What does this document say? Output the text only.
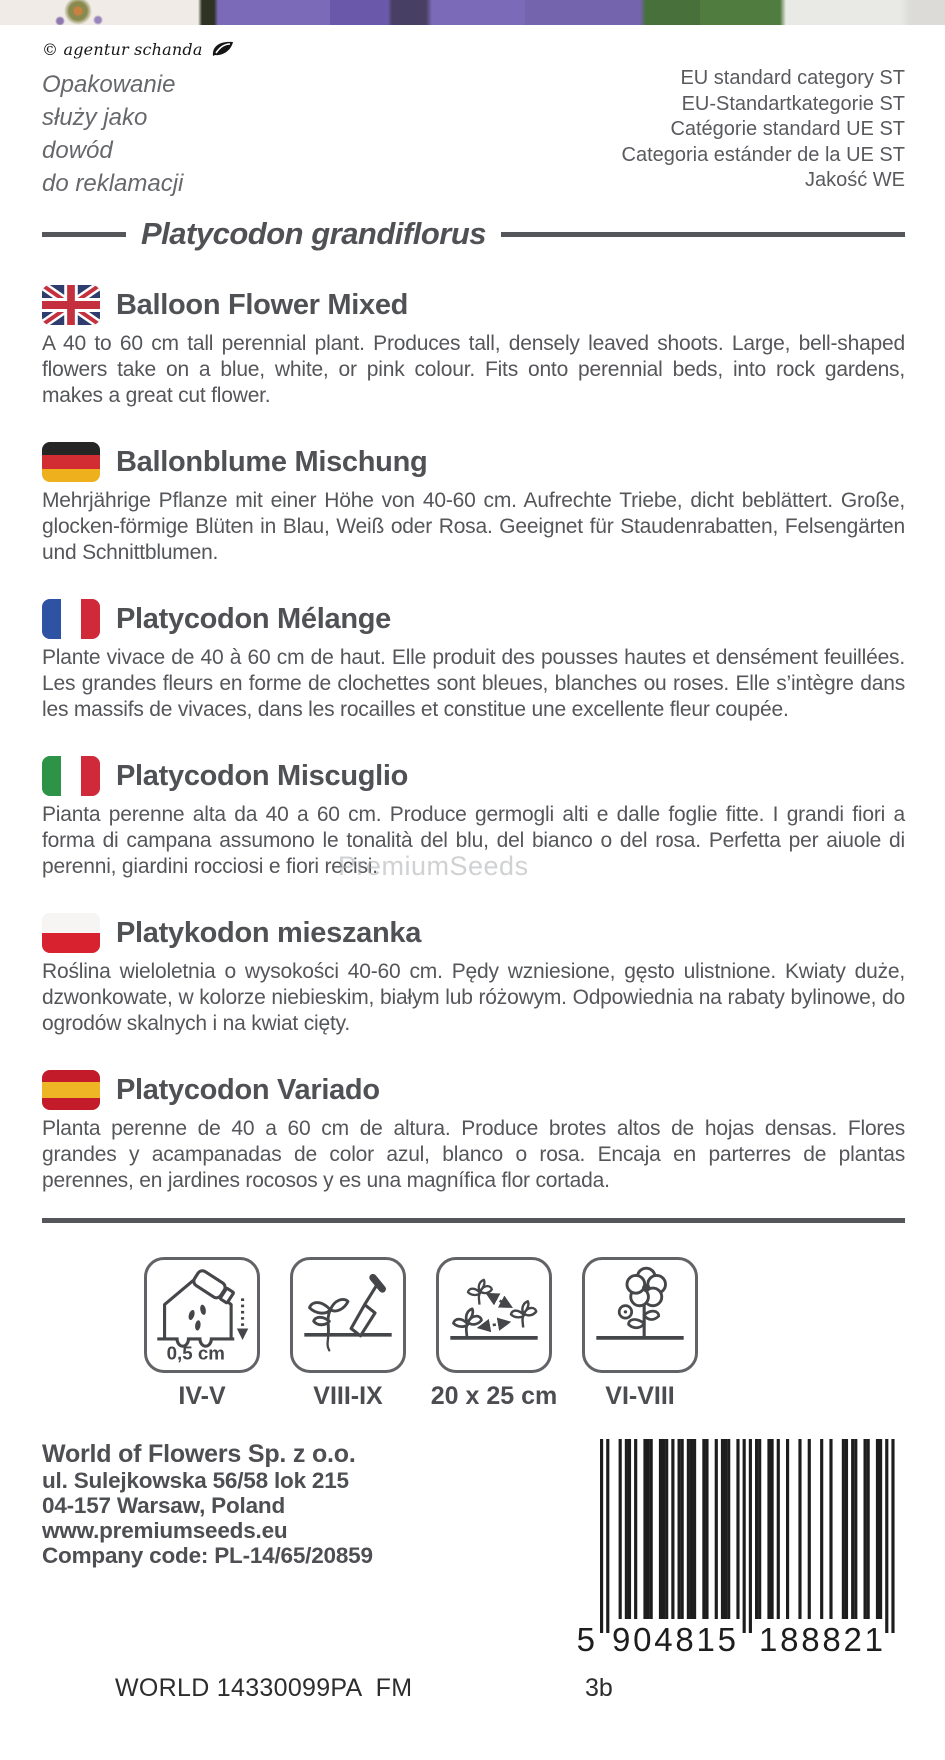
© agentur schanda
Opakowanie
służy jako
dowód
do reklamacji
EU standard category ST
EU-Standartkategorie ST
Catégorie standard UE ST
Categoria estánder de la UE ST
Jakość WE
Platycodon grandiflorus
Balloon Flower Mixed
A 40 to 60 cm tall perennial plant. Produces tall, densely leaved shoots. Large, bell-shaped flowers take on a blue, white, or pink colour. Fits onto perennial beds, into rock gardens, makes a great cut flower.
Ballonblume Mischung
Mehrjährige Pflanze mit einer Höhe von 40-60 cm. Aufrechte Triebe, dicht beblättert. Große, glocken-förmige Blüten in Blau, Weiß oder Rosa. Geeignet für Staudenrabatten, Felsengärten und Schnittblumen.
Platycodon Mélange
Plante vivace de 40 à 60 cm de haut. Elle produit des pousses hautes et densément feuillées. Les grandes fleurs en forme de clochettes sont bleues, blanches ou roses. Elle s’intègre dans les massifs de vivaces, dans les rocailles et constitue une excellente fleur coupée.
Platycodon Miscuglio
Pianta perenne alta da 40 a 60 cm. Produce germogli alti e dalle foglie fitte. I grandi fiori a forma di campana assumono le tonalità del blu, del bianco o del rosa. Perfetta per aiuole di perenni, giardini rocciosi e fiori recisi.
Platykodon mieszanka
Roślina wieloletnia o wysokości 40-60 cm. Pędy wzniesione, gęsto ulistnione. Kwiaty duże, dzwonkowate, w kolorze niebieskim, białym lub różowym. Odpowiednia na rabaty bylinowe, do ogrodów skalnych i na kwiat cięty.
Platycodon Variado
Planta perenne de 40 a 60 cm de altura. Produce brotes altos de hojas densas. Flores grandes y acampanadas de color azul, blanco o rosa. Encaja en parterres de plantas perennes, en jardines rocosos y es una magnífica flor cortada.
0,5 cm
IV-V	VIII-IX 20 x 25 cm VI-VIII
World of Flowers Sp. z o.o.
ul. Sulejkowska 56/58 lok 215
04-157 Warsaw, Poland
www.premiumseeds.eu
Company code: PL-14/65/20859
5 904815 188821
PremiumSeeds
WORLD 14330099PA  FM	3b
